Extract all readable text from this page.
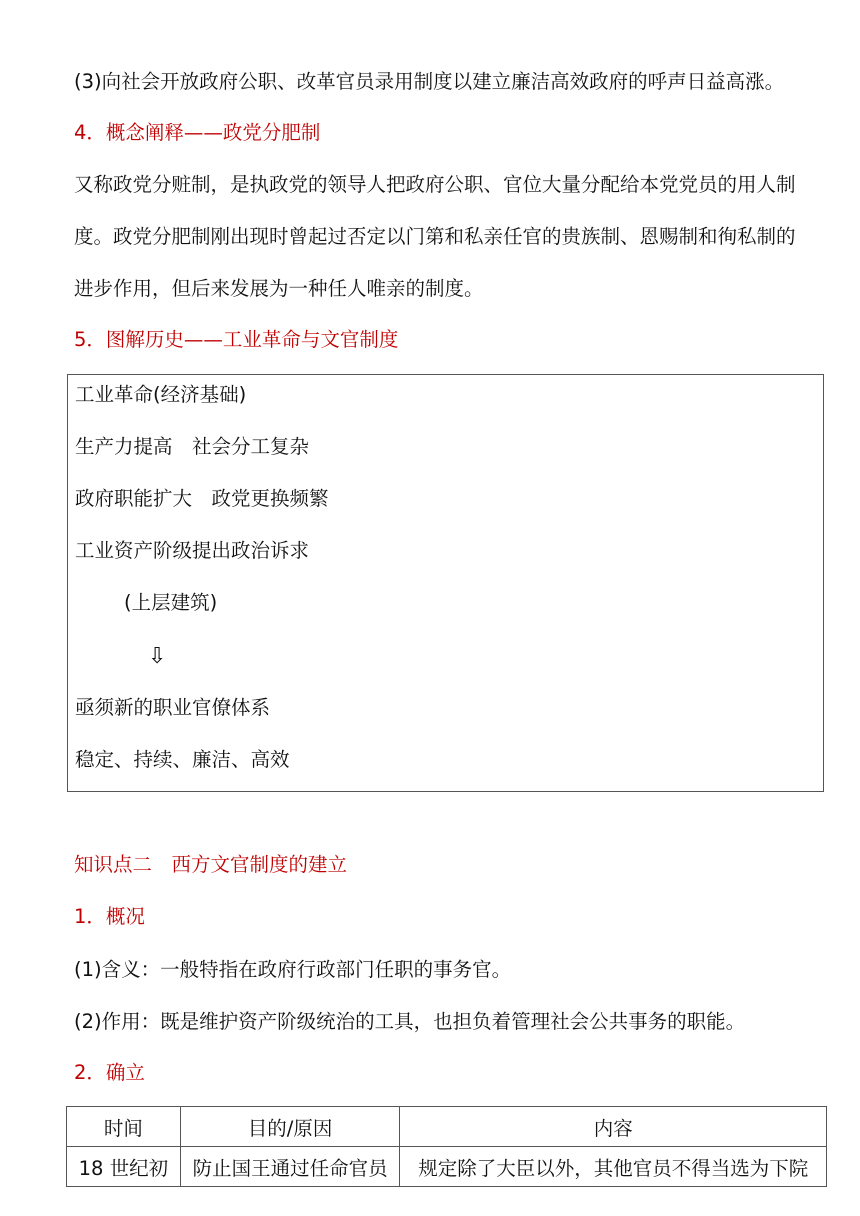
(3)向社会开放政府公职、改革官员录用制度以建立廉洁高效政府的呼声日益高涨。
4．概念阐释——政党分肥制
又称政党分赃制，是执政党的领导人把政府公职、官位大量分配给本党党员的用人制
度。政党分肥制刚出现时曾起过否定以门第和私亲任官的贵族制、恩赐制和徇私制的
进步作用，但后来发展为一种任人唯亲的制度。
5．图解历史——工业革命与文官制度
工业革命(经济基础)
生产力提高　社会分工复杂
政府职能扩大　政党更换频繁
工业资产阶级提出政治诉求
(上层建筑)
⇩
亟须新的职业官僚体系
稳定、持续、廉洁、高效
知识点二　西方文官制度的建立
1．概况
(1)含义：一般特指在政府行政部门任职的事务官。
(2)作用：既是维护资产阶级统治的工具，也担负着管理社会公共事务的职能。
2．确立
时间	目的/原因	内容
18 世纪初	防止国王通过任命官员	规定除了大臣以外，其他官员不得当选为下院
